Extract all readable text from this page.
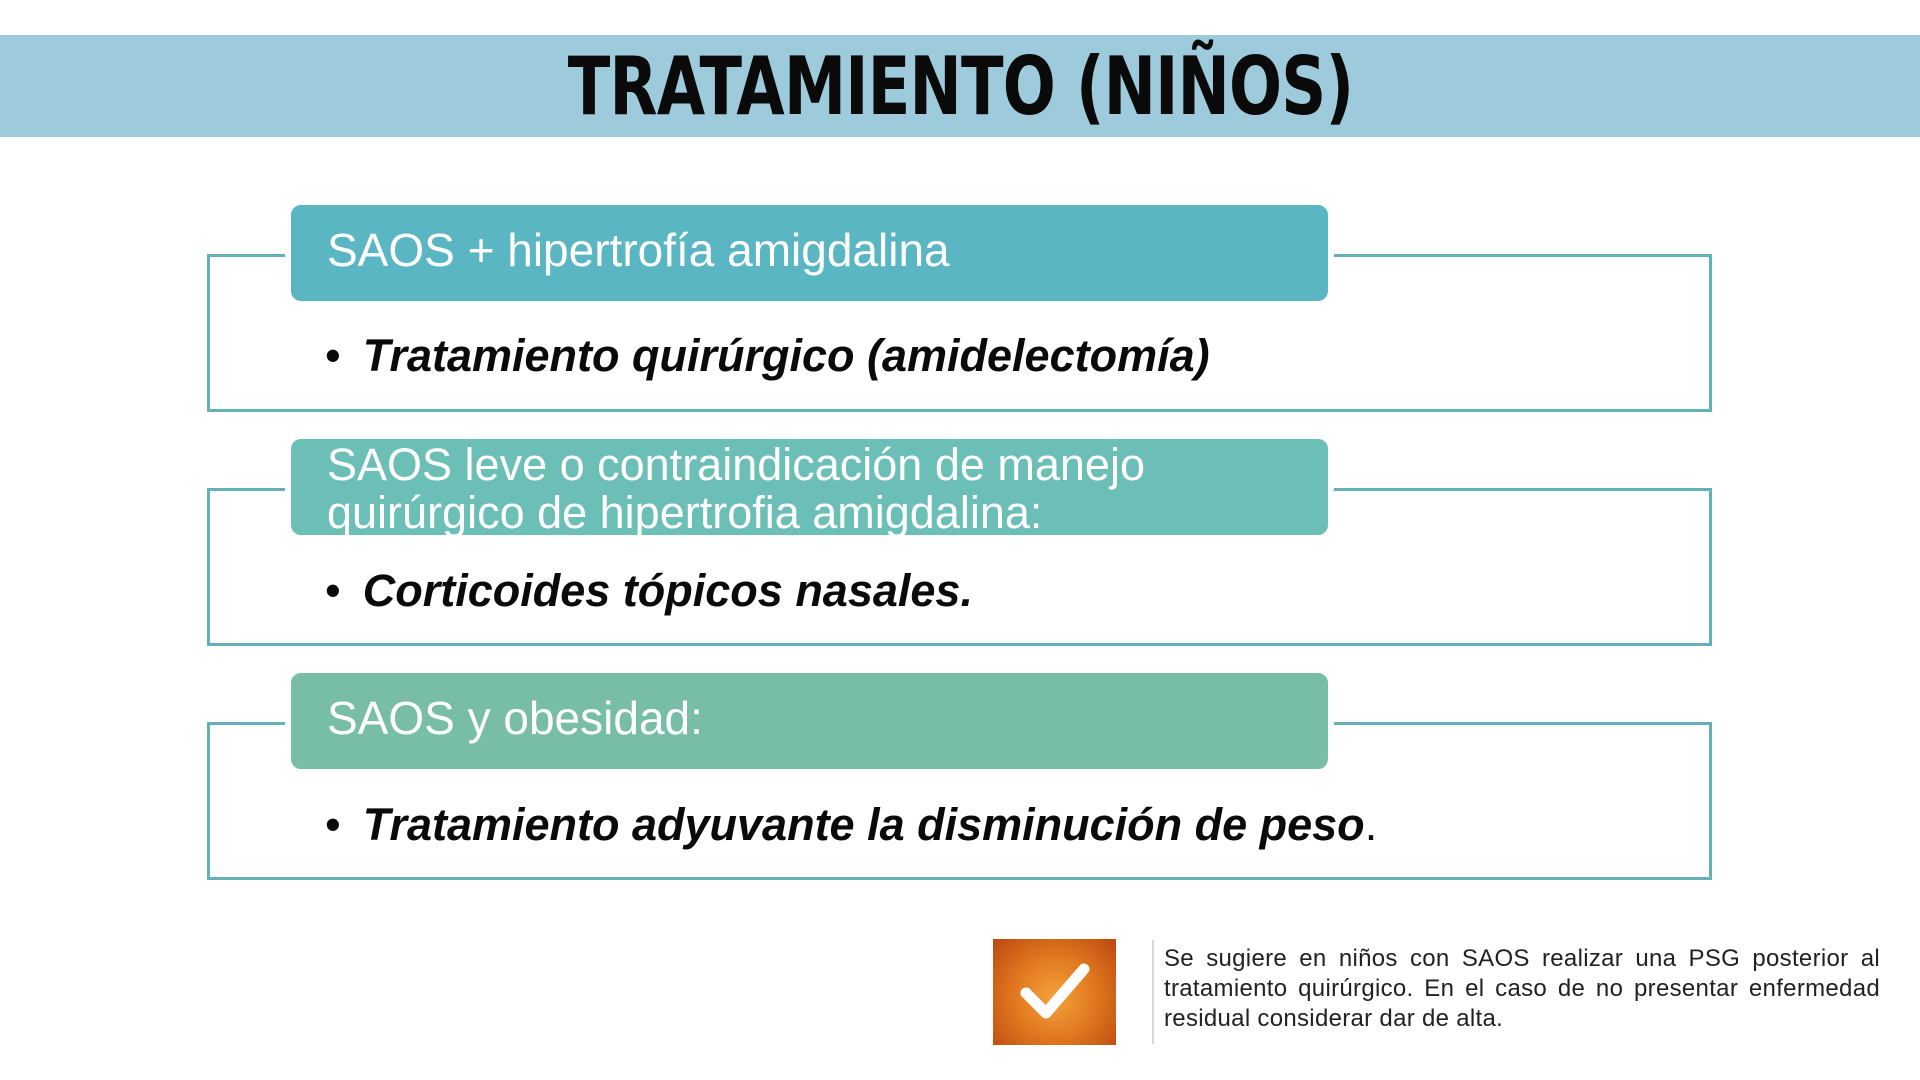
TRATAMIENTO (NIÑOS)
SAOS + hipertrofía amigdalina
• Tratamiento quirúrgico (amidelectomía)
SAOS leve o contraindicación de manejo quirúrgico de hipertrofia amigdalina:
• Corticoides tópicos nasales.
SAOS y obesidad:
• Tratamiento adyuvante la disminución de peso.
Se sugiere en niños con SAOS realizar una PSG posterior al tratamiento quirúrgico. En el caso de no presentar enfermedad residual considerar dar de alta.
